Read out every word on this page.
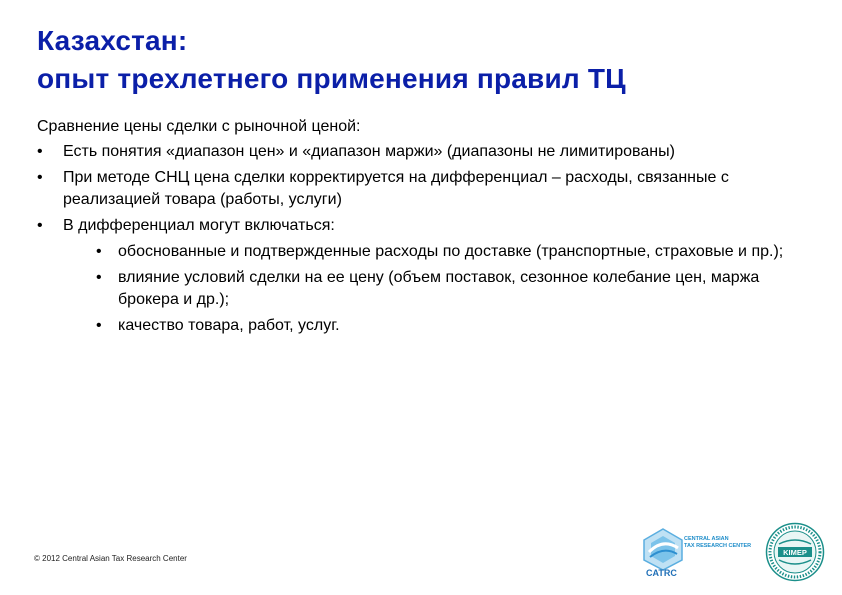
Казахстан:
опыт трехлетнего применения правил ТЦ
Сравнение цены сделки с рыночной ценой:
• Есть понятия «диапазон цен» и «диапазон маржи» (диапазоны не лимитированы)
• При методе СНЦ цена сделки корректируется на дифференциал – расходы, связанные с реализацией товара (работы, услуги)
• В дифференциал могут включаться:
• обоснованные и подтвержденные расходы по доставке (транспортные, страховые и пр.);
• влияние условий сделки на ее цену (объем поставок, сезонное колебание цен, маржа брокера и др.);
• качество товара, работ, услуг.
© 2012 Central Asian Tax Research Center
CENTRAL ASIAN
TAX RESEARCH CENTER
CATRC
KIMEP
